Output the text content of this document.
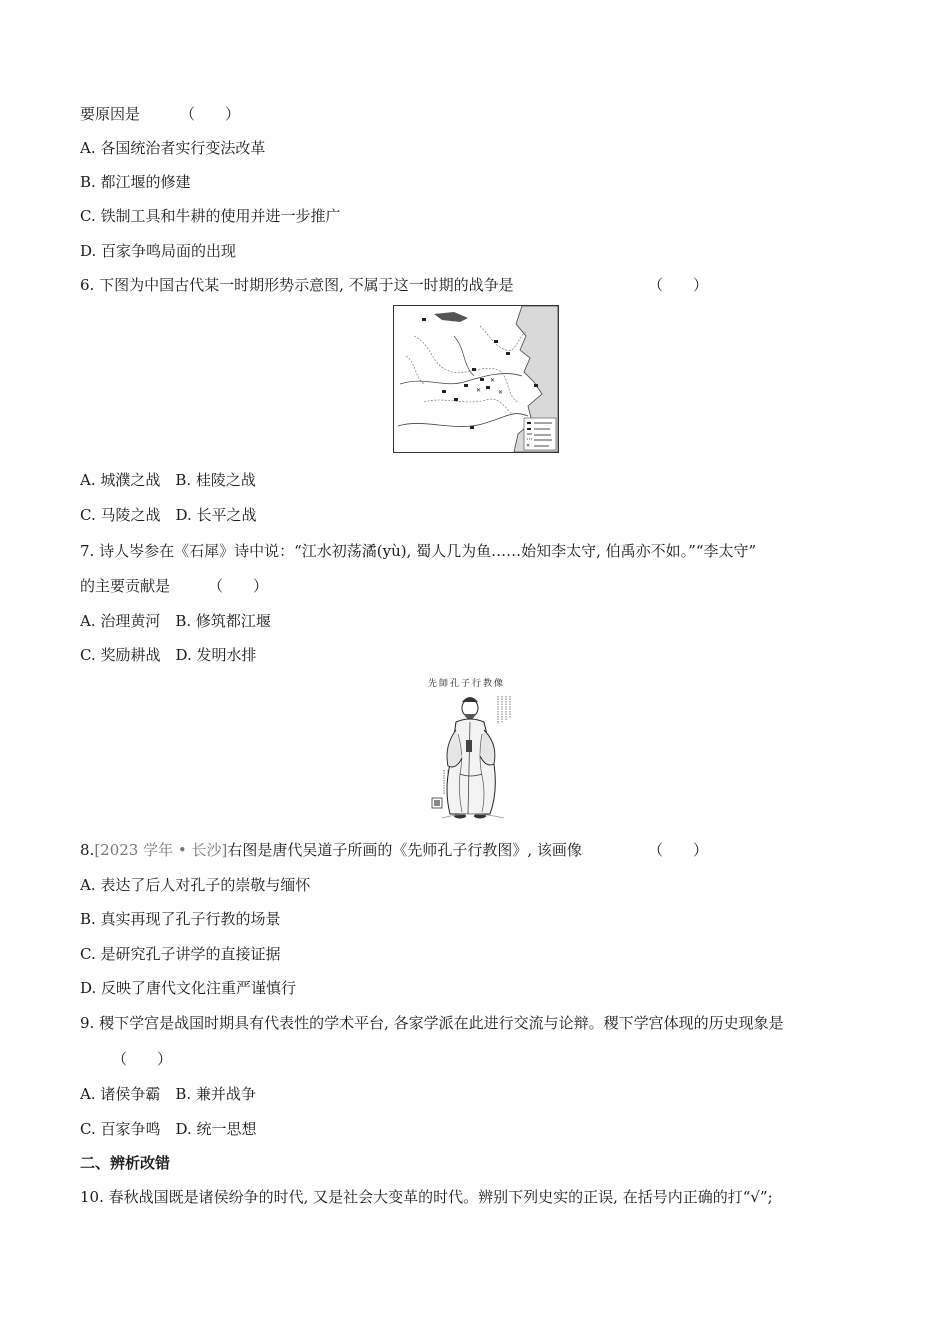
要原因是	（　　）
A. 各国统治者实行变法改革
B. 都江堰的修建
C. 铁制工具和牛耕的使用并进一步推广
D. 百家争鸣局面的出现
6. 下图为中国古代某一时期形势示意图, 不属于这一时期的战争是	（　　）
✕
✕
✕
✕
A. 城濮之战　B. 桂陵之战
C. 马陵之战　D. 长平之战
7. 诗人岑参在《石犀》诗中说：“江水初荡潏(yù), 蜀人几为鱼……始知李太守, 伯禹亦不如。”“李太守”
的主要贡献是	（　　）
A. 治理黄河　B. 修筑都江堰
C. 奖励耕战　D. 发明水排
先師孔子行教像
8.[2023 学年 • 长沙]右图是唐代吴道子所画的《先师孔子行教图》, 该画像	（　　）
A. 表达了后人对孔子的崇敬与缅怀
B. 真实再现了孔子行教的场景
C. 是研究孔子讲学的直接证据
D. 反映了唐代文化注重严谨慎行
9. 稷下学宫是战国时期具有代表性的学术平台, 各家学派在此进行交流与论辩。稷下学宫体现的历史现象是
（　　）
A. 诸侯争霸　B. 兼并战争
C. 百家争鸣　D. 统一思想
二、辨析改错
10. 春秋战国既是诸侯纷争的时代, 又是社会大变革的时代。辨别下列史实的正误, 在括号内正确的打“√”;
